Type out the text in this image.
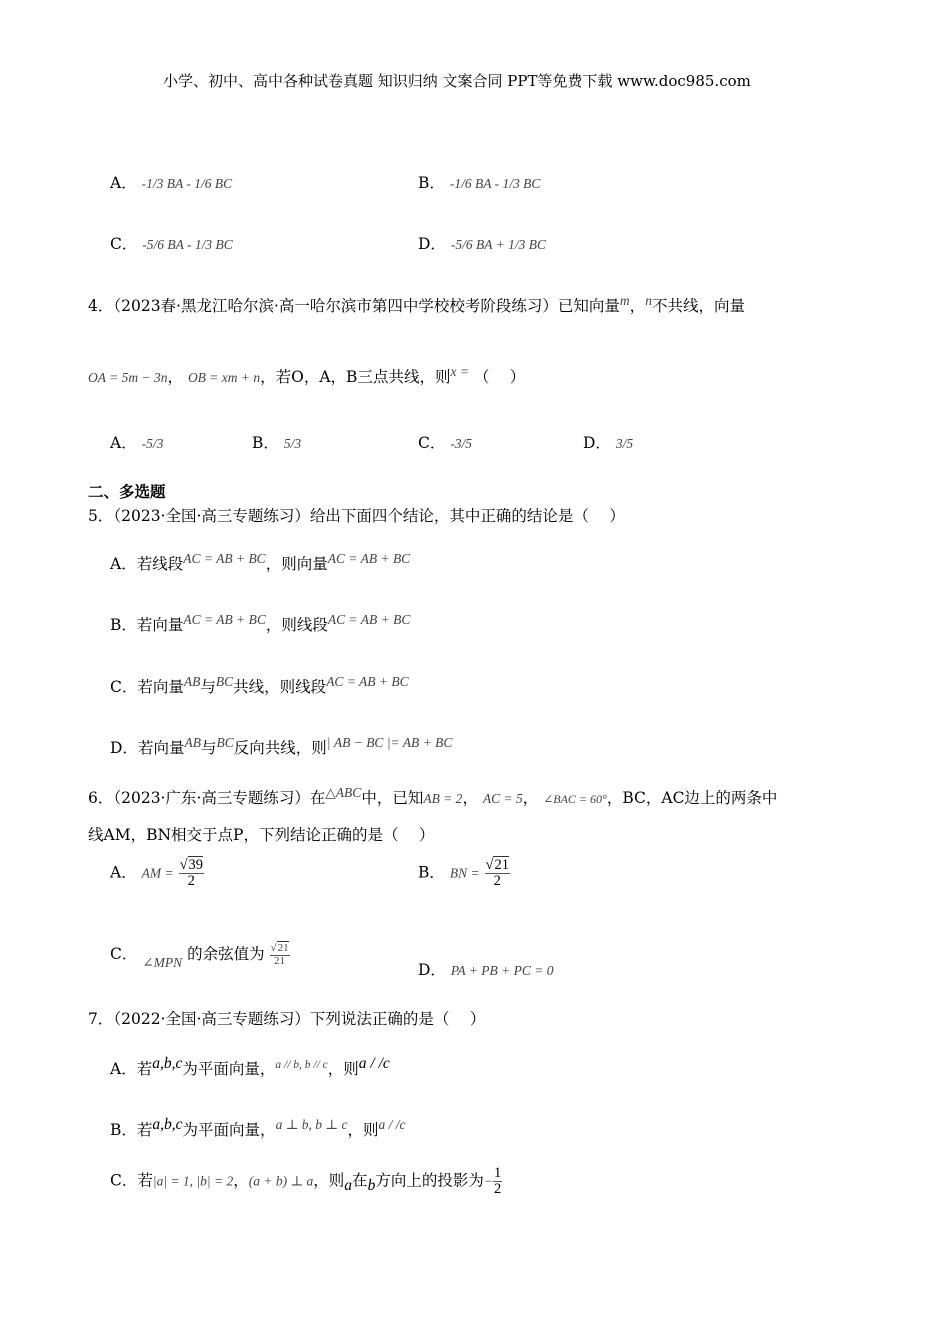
小学、初中、高中各种试卷真题 知识归纳 文案合同 PPT等免费下载 www.doc985.com
A． -1/3 BA - 1/6 BC	B． -1/6 BA - 1/3 BC
C． -5/6 BA - 1/3 BC	D． -5/6 BA + 1/3 BC
4．（2023春·黑龙江哈尔滨·高一哈尔滨市第四中学校校考阶段练习）已知向量$^m$，$^n$不共线，向量
OA = 5m − 3n， OB = xm + n，若O，A，B三点共线，则$^{x =}$ （　 ）
A． -5/3	B． 5/3	C． -3/5	D． 3/5
二、多选题
5．（2023·全国·高三专题练习）给出下面四个结论，其中正确的结论是（　 ）
A．若线段$^{AC = AB + BC}$，则向量$^{AC = AB + BC}$
B．若向量$^{AC = AB + BC}$，则线段$^{AC = AB + BC}$
C．若向量$^{AB}$与$^{BC}$共线，则线段$^{AC = AB + BC}$
D．若向量$^{AB}$与$^{BC}$反向共线，则$^{| AB - BC |= AB + BC}$
6．（2023·广东·高三专题练习）在$^{\triangle ABC}$中，已知AB = 2， AC = 5， ∠BAC = 60°，BC，AC边上的两条中
线AM，BN相交于点P，下列结论正确的是（　 ）
A． AM = $\frac{√39}{2}$	B． BN = $\frac{√21}{2}$
C． ∠MPN 的余弦值为 $\frac{√21}{21}$
D． PA + PB + PC = 0
7．（2022·全国·高三专题练习）下列说法正确的是（　 ）
A．若$^{a,b,c}$为平面向量，$^{a // b, b // c}$，则$^{a / /c}$
B．若$^{a,b,c}$为平面向量，$^{a \perp b, b \perp c}$，则$^{a / /c}$
C．若|a| = 1, |b| = 2，(a + b) ⊥ a，则$_a$在$_b$方向上的投影为− $\frac{1}{2}$
